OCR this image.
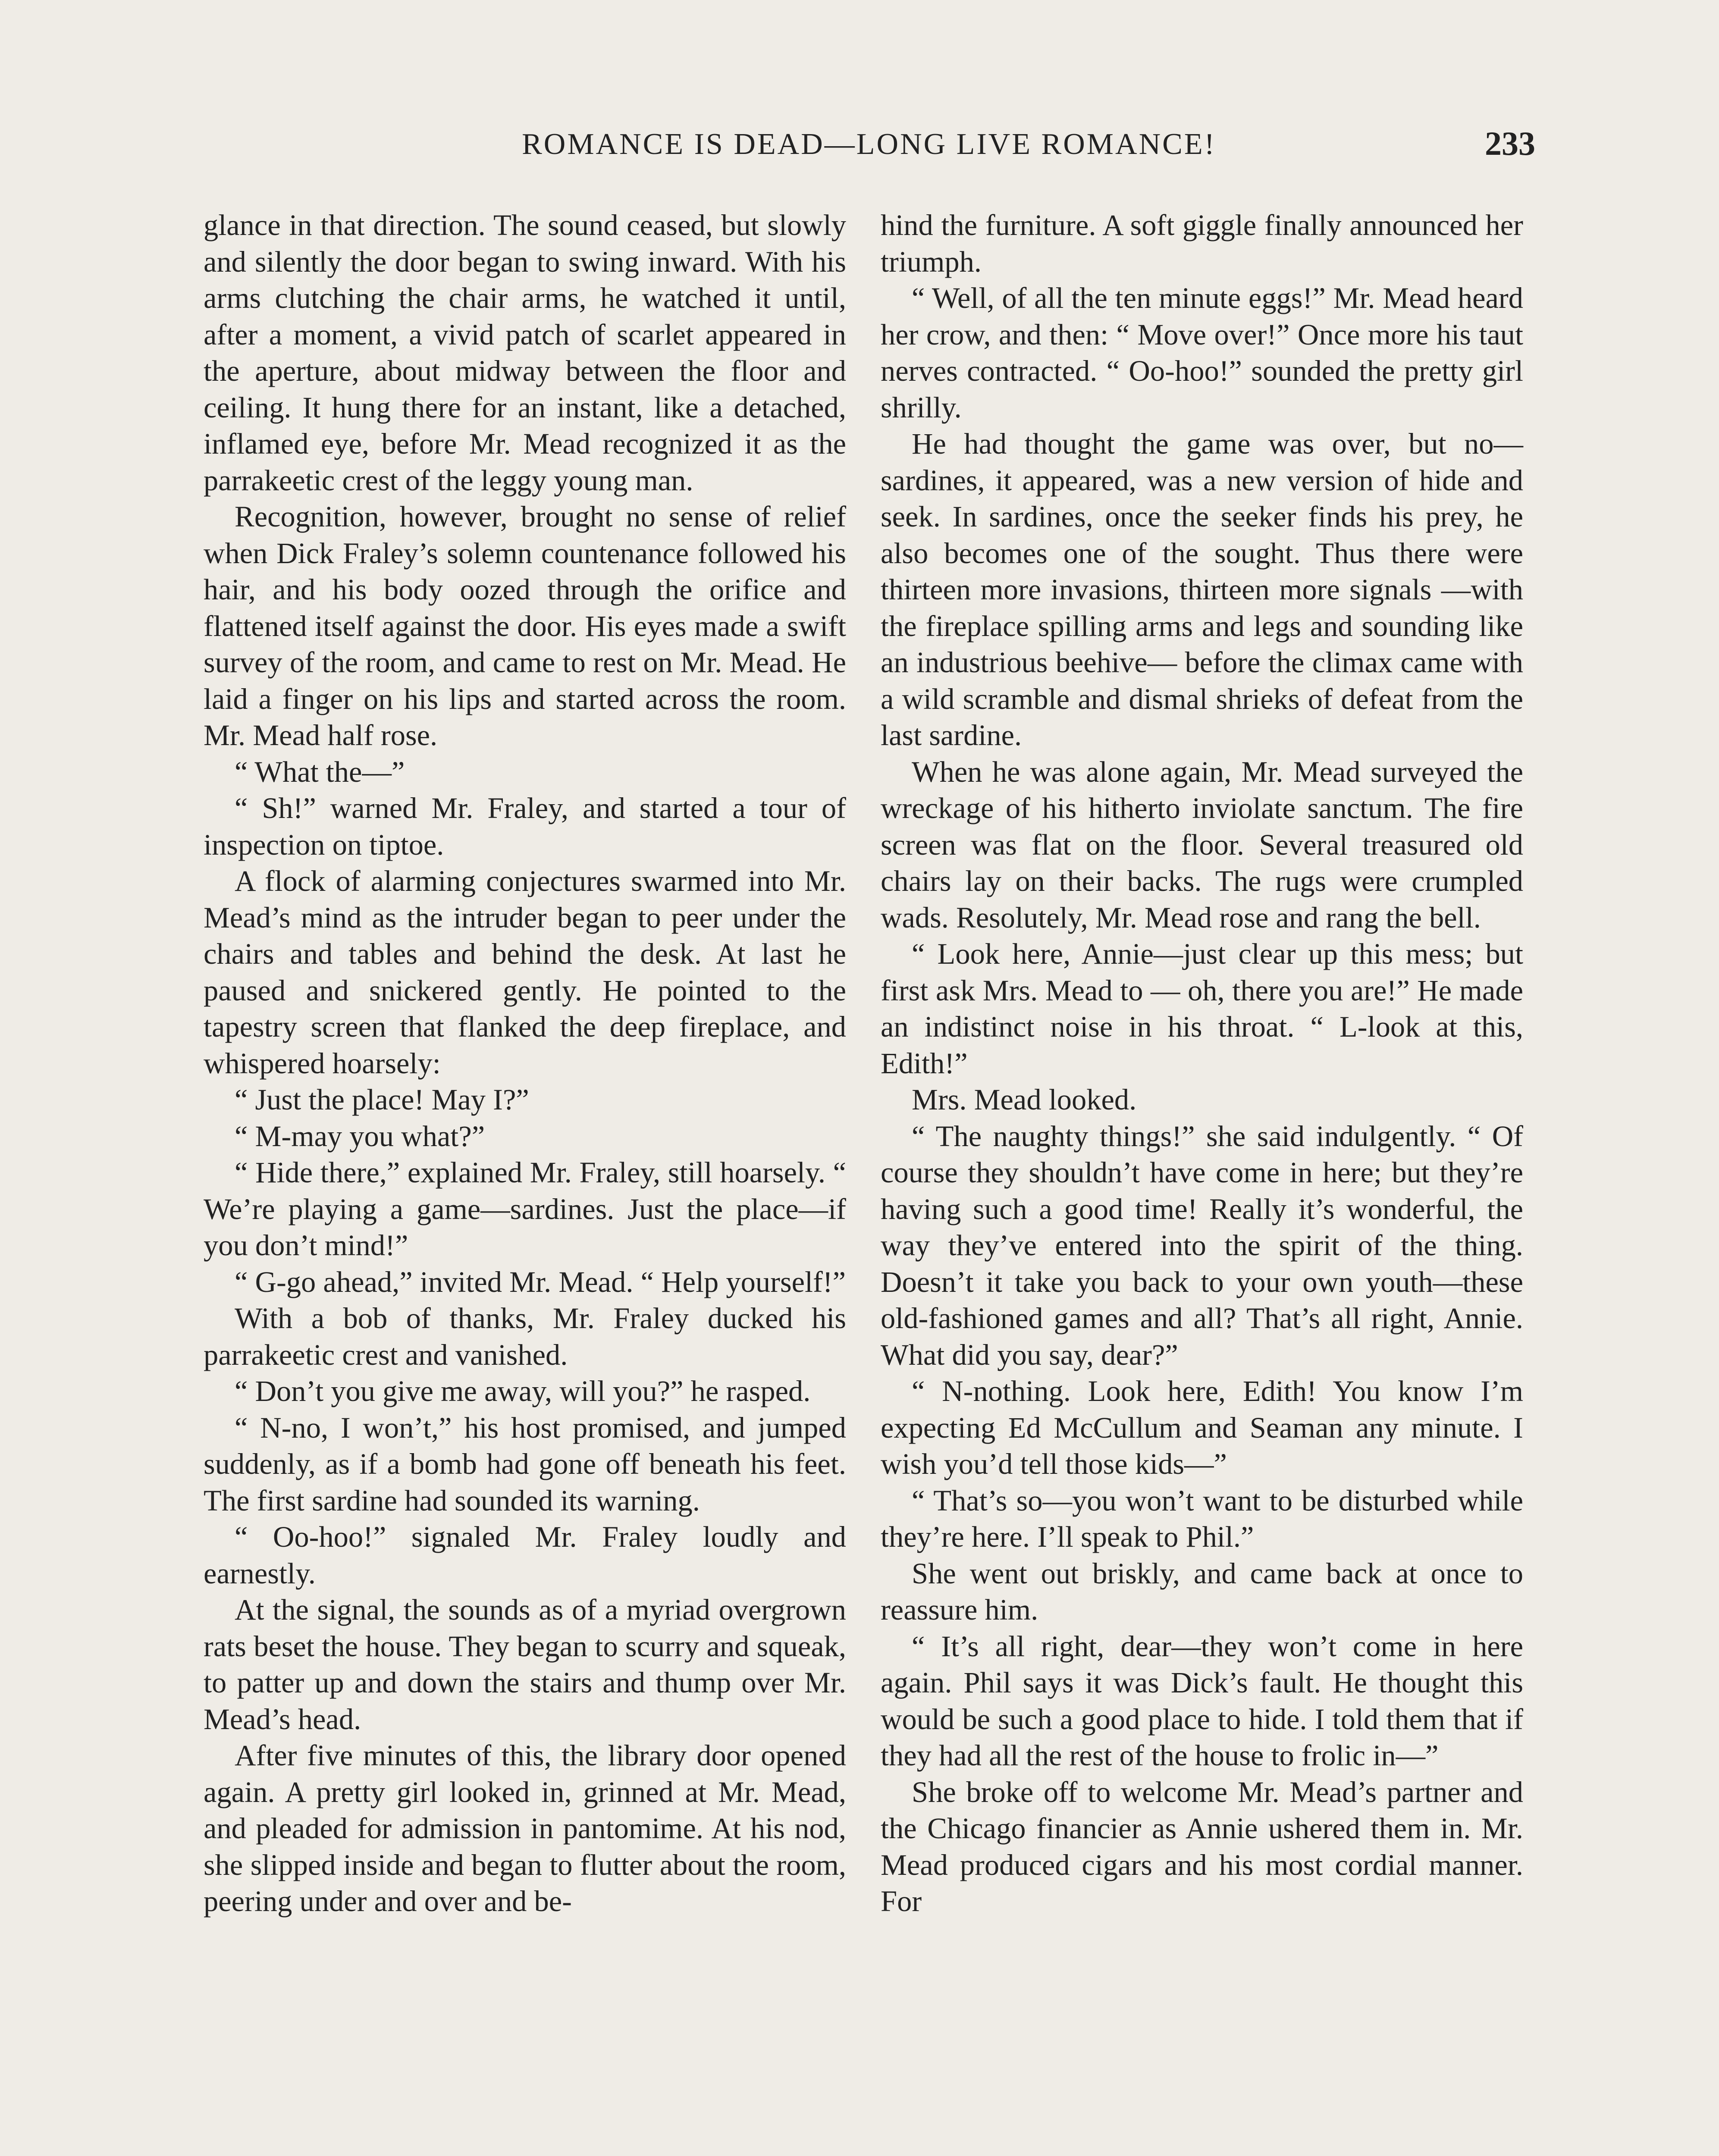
ROMANCE IS DEAD—LONG LIVE ROMANCE!	233

glance in that direction. The sound ceased, but slowly and silently the door began to swing inward. With his arms clutching the chair arms, he watched it until, after a moment, a vivid patch of scarlet appeared in the aperture, about midway between the floor and ceiling. It hung there for an instant, like a detached, inflamed eye, before Mr. Mead recognized it as the parrakeetic crest of the leggy young man.

Recognition, however, brought no sense of relief when Dick Fraley’s solemn countenance followed his hair, and his body oozed through the orifice and flattened itself against the door. His eyes made a swift survey of the room, and came to rest on Mr. Mead. He laid a finger on his lips and started across the room. Mr. Mead half rose.

“ What the—”

“ Sh!” warned Mr. Fraley, and started a tour of inspection on tiptoe.

A flock of alarming conjectures swarmed into Mr. Mead’s mind as the intruder began to peer under the chairs and tables and behind the desk. At last he paused and snickered gently. He pointed to the tapestry screen that flanked the deep fireplace, and whispered hoarsely:

“ Just the place! May I?”

“ M-may you what?”

“ Hide there,” explained Mr. Fraley, still hoarsely. “ We’re playing a game—sardines. Just the place—if you don’t mind!”

“ G-go ahead,” invited Mr. Mead. “ Help yourself!”

With a bob of thanks, Mr. Fraley ducked his parrakeetic crest and vanished.

“ Don’t you give me away, will you?” he rasped.

“ N-no, I won’t,” his host promised, and jumped suddenly, as if a bomb had gone off beneath his feet. The first sardine had sounded its warning.

“ Oo-hoo!” signaled Mr. Fraley loudly and earnestly.

At the signal, the sounds as of a myriad overgrown rats beset the house. They began to scurry and squeak, to patter up and down the stairs and thump over Mr. Mead’s head.

After five minutes of this, the library door opened again. A pretty girl looked in, grinned at Mr. Mead, and pleaded for admission in pantomime. At his nod, she slipped inside and began to flutter about the room, peering under and over and be-

hind the furniture. A soft giggle finally announced her triumph.

“ Well, of all the ten minute eggs!” Mr. Mead heard her crow, and then: “ Move over!” Once more his taut nerves contracted. “ Oo-hoo!” sounded the pretty girl shrilly.

He had thought the game was over, but no—sardines, it appeared, was a new version of hide and seek. In sardines, once the seeker finds his prey, he also becomes one of the sought. Thus there were thirteen more invasions, thirteen more signals —with the fireplace spilling arms and legs and sounding like an industrious beehive— before the climax came with a wild scramble and dismal shrieks of defeat from the last sardine.

When he was alone again, Mr. Mead surveyed the wreckage of his hitherto inviolate sanctum. The fire screen was flat on the floor. Several treasured old chairs lay on their backs. The rugs were crumpled wads. Resolutely, Mr. Mead rose and rang the bell.

“ Look here, Annie—just clear up this mess; but first ask Mrs. Mead to — oh, there you are!” He made an indistinct noise in his throat. “ L-look at this, Edith!”

Mrs. Mead looked.

“ The naughty things!” she said indulgently. “ Of course they shouldn’t have come in here; but they’re having such a good time! Really it’s wonderful, the way they’ve entered into the spirit of the thing. Doesn’t it take you back to your own youth—these old-fashioned games and all? That’s all right, Annie. What did you say, dear?”

“ N-nothing. Look here, Edith! You know I’m expecting Ed McCullum and Seaman any minute. I wish you’d tell those kids—”

“ That’s so—you won’t want to be disturbed while they’re here. I’ll speak to Phil.”

She went out briskly, and came back at once to reassure him.

“ It’s all right, dear—they won’t come in here again. Phil says it was Dick’s fault. He thought this would be such a good place to hide. I told them that if they had all the rest of the house to frolic in—”

She broke off to welcome Mr. Mead’s partner and the Chicago financier as Annie ushered them in. Mr. Mead produced cigars and his most cordial manner. For
